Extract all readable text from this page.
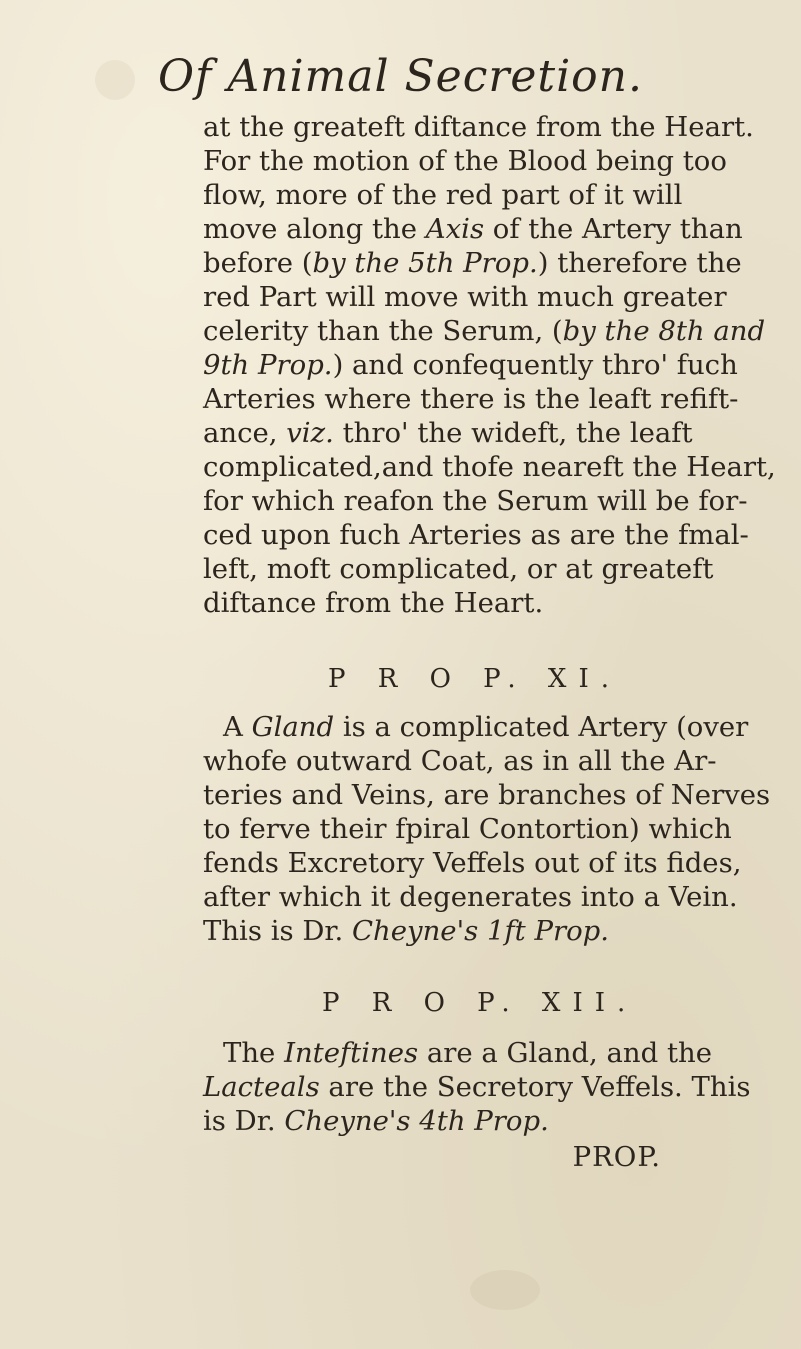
Of Animal Secretion.
at the greateft diftance from the Heart.
For the motion of the Blood being too
flow, more of the red part of it will
move along the Axis of the Artery than
before (by the 5th Prop.) therefore the
red Part will move with much greater
celerity than the Serum, (by the 8th and
9th Prop.) and confequently thro' fuch
Arteries where there is the leaft refift-
ance, viz. thro' the wideft, the leaft
complicated,and thofe neareft the Heart,
for which reafon the Serum will be for-
ced upon fuch Arteries as are the fmal-
left, moft complicated, or at greateft
diftance from the Heart.
P R O P. XI.
A Gland is a complicated Artery (over
whofe outward Coat, as in all the Ar-
teries and Veins, are branches of Nerves
to ferve their fpiral Contortion) which
fends Excretory Veffels out of its fides,
after which it degenerates into a Vein.
This is Dr. Cheyne's 1ft Prop.
P R O P. XII.
The Inteftines are a Gland, and the
Lacteals are the Secretory Veffels. This
is Dr. Cheyne's 4th Prop.
PROP.
